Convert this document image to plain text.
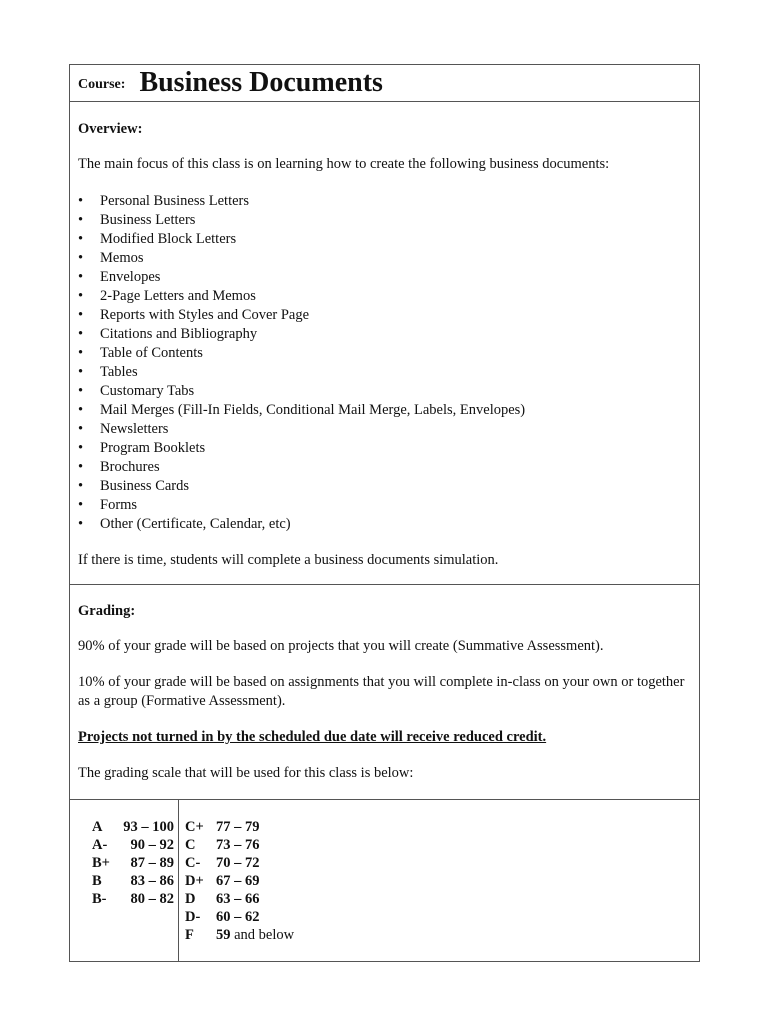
Course: Business Documents

Overview:

The main focus of this class is on learning how to create the following business documents:

•	Personal Business Letters
•	Business Letters
•	Modified Block Letters
•	Memos
•	Envelopes
•	2-Page Letters and Memos
•	Reports with Styles and Cover Page
•	Citations and Bibliography
•	Table of Contents
•	Tables
•	Customary Tabs
•	Mail Merges (Fill-In Fields, Conditional Mail Merge, Labels, Envelopes)
•	Newsletters
•	Program Booklets
•	Brochures
•	Business Cards
•	Forms
•	Other (Certificate, Calendar, etc)

If there is time, students will complete a business documents simulation.

Grading:

90% of your grade will be based on projects that you will create (Summative Assessment).

10% of your grade will be based on assignments that you will complete in-class on your own or together as a group (Formative Assessment).

Projects not turned in by the scheduled due date will receive reduced credit.

The grading scale that will be used for this class is below:

A	93 – 100
A-	90 – 92
B+	87 – 89
B	83 – 86
B-	80 – 82
C+ 77 – 79
C	73 – 76
C-	70 – 72
D+ 67 – 69
D	63 – 66
D-	60 – 62
F	59 and below
